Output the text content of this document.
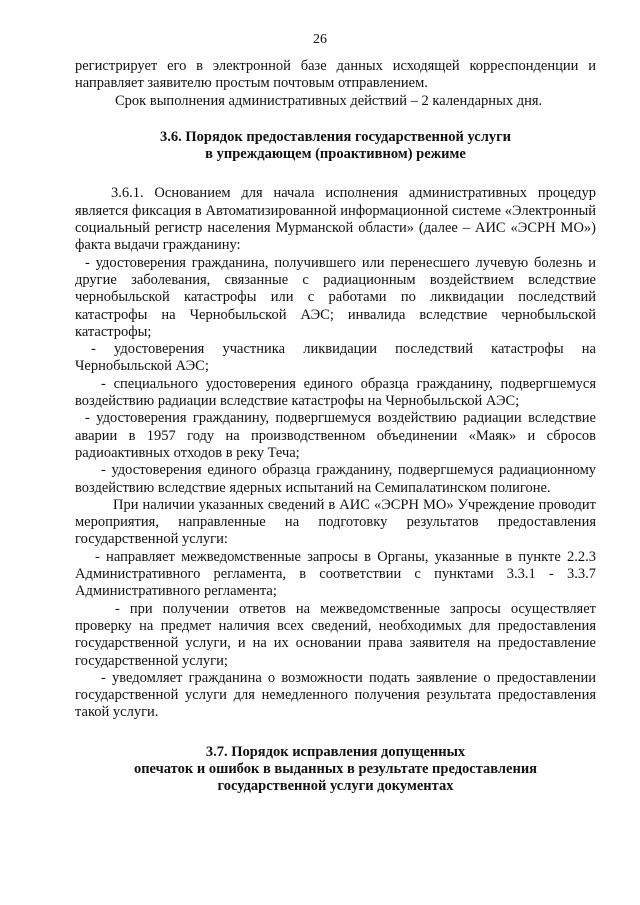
26

регистрирует его в электронной базе данных исходящей корреспонденции и направляет заявителю простым почтовым отправлением.

Срок выполнения административных действий – 2 календарных дня.

3.6. Порядок предоставления государственной услуги

в упреждающем (проактивном) режиме

3.6.1. Основанием для начала исполнения административных процедур является фиксация в Автоматизированной информационной системе «Электронный социальный регистр населения Мурманской области» (далее – АИС «ЭСРН МО») факта выдачи гражданину:

- удостоверения гражданина, получившего или перенесшего лучевую болезнь и другие заболевания, связанные с радиационным воздействием вследствие чернобыльской катастрофы или с работами по ликвидации последствий катастрофы на Чернобыльской АЭС; инвалида вследствие чернобыльской катастрофы;

- удостоверения участника ликвидации последствий катастрофы на Чернобыльской АЭС;

- специального удостоверения единого образца гражданину, подвергшемуся воздействию радиации вследствие катастрофы на Чернобыльской АЭС;

- удостоверения гражданину, подвергшемуся воздействию радиации вследствие аварии в 1957 году на производственном объединении «Маяк» и сбросов радиоактивных отходов в реку Теча;

- удостоверения единого образца гражданину, подвергшемуся радиационному воздействию вследствие ядерных испытаний на Семипалатинском полигоне.

При наличии указанных сведений в АИС «ЭСРН МО» Учреждение проводит мероприятия, направленные на подготовку результатов предоставления государственной услуги:

- направляет межведомственные запросы в Органы, указанные в пункте 2.2.3 Административного регламента, в соответствии с пунктами 3.3.1 - 3.3.7 Административного регламента;

- при получении ответов на межведомственные запросы осуществляет проверку на предмет наличия всех сведений, необходимых для предоставления государственной услуги, и на их основании права заявителя на предоставление государственной услуги;

- уведомляет гражданина о возможности подать заявление о предоставлении государственной услуги для немедленного получения результата предоставления такой услуги.

3.7. Порядок исправления допущенных

опечаток и ошибок в выданных в результате предоставления

государственной услуги документах
